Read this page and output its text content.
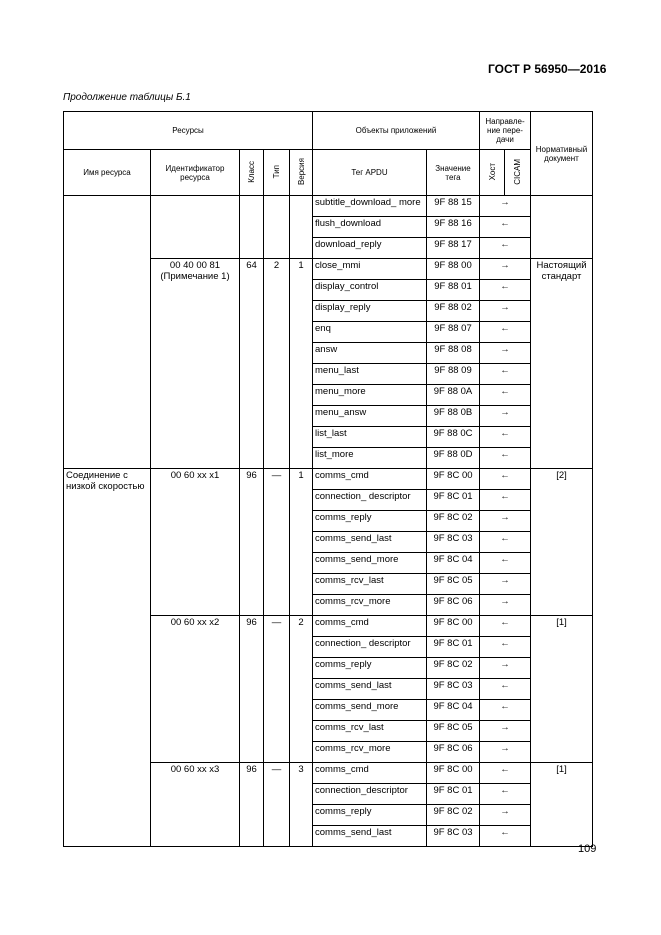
ГОСТ Р 56950—2016
Продолжение таблицы Б.1
Ресурсы					Объекты приложений		Направле-ние пере-дачи		Нормативный документ
Имя ресурса	Идентификатор ресурса	Класс	Тип	Версия	Тег APDU	Значение тега	Хост	CICAM	
					subtitle_download_ more	9F 88 15	→		
					flush_download	9F 88 16	←		
					download_reply	9F 88 17	←		
	00 40 00 81 (Примечание 1)	64	2	1	close_mmi	9F 88 00	→		Настоящий стандарт
					display_control	9F 88 01	←		
					display_reply	9F 88 02	→		
					enq	9F 88 07	←		
					answ	9F 88 08	→		
					menu_last	9F 88 09	←		
					menu_more	9F 88 0A	←		
					menu_answ	9F 88 0B	→		
					list_last	9F 88 0C	←		
					list_more	9F 88 0D	←		
Соединение с низкой скоростью	00 60 xx x1	96	—	1	comms_cmd	9F 8C 00	←		[2]
					connection_ descriptor	9F 8C 01	←		
					comms_reply	9F 8C 02	→		
					comms_send_last	9F 8C 03	←		
					comms_send_more	9F 8C 04	←		
					comms_rcv_last	9F 8C 05	→		
					comms_rcv_more	9F 8C 06	→		
	00 60 xx x2	96	—	2	comms_cmd	9F 8C 00	←		[1]
					connection_ descriptor	9F 8C 01	←		
					comms_reply	9F 8C 02	→		
					comms_send_last	9F 8C 03	←		
					comms_send_more	9F 8C 04	←		
					comms_rcv_last	9F 8C 05	→		
					comms_rcv_more	9F 8C 06	→		
	00 60 xx x3	96	—	3	comms_cmd	9F 8C 00	←		[1]
					connection_descriptor	9F 8C 01	←		
					comms_reply	9F 8C 02	→		
					comms_send_last	9F 8C 03	←		
109
